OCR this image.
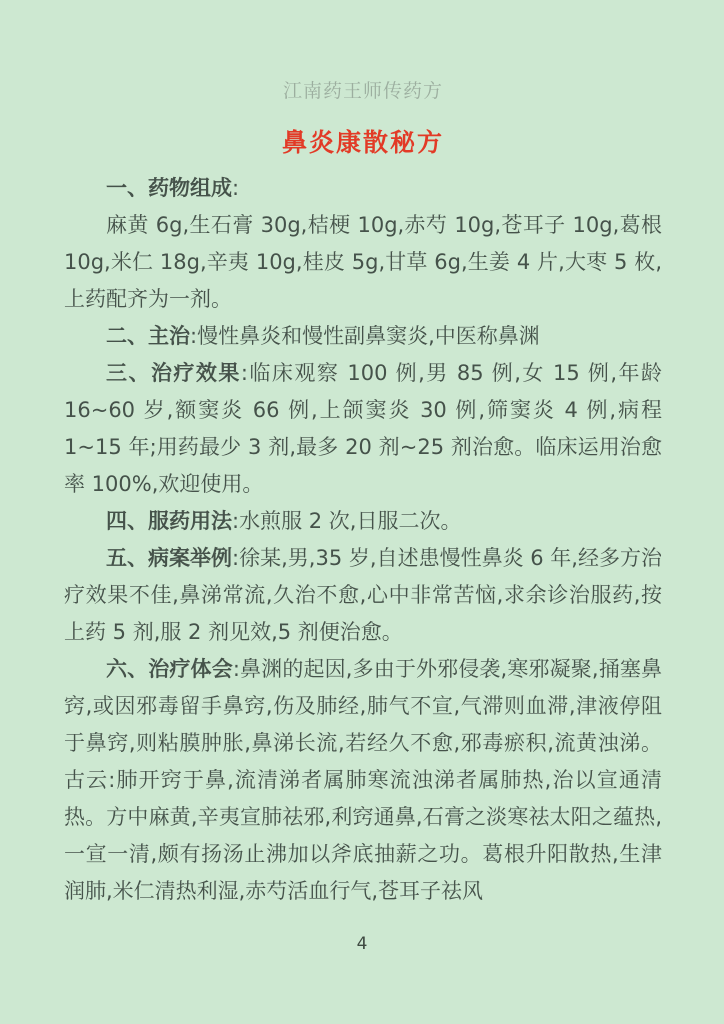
江南药王师传药方
鼻炎康散秘方

一、药物组成:

麻黄 6g,生石膏 30g,桔梗 10g,赤芍 10g,苍耳子 10g,葛根 10g,米仁 18g,辛夷 10g,桂皮 5g,甘草 6g,生姜 4 片,大枣 5 枚,上药配齐为一剂。

二、主治:慢性鼻炎和慢性副鼻窦炎,中医称鼻渊

三、治疗效果:临床观察 100 例,男 85 例,女 15 例,年龄 16~60 岁,额窦炎 66 例,上颌窦炎 30 例,筛窦炎 4 例,病程 1~15 年;用药最少 3 剂,最多 20 剂~25 剂治愈。临床运用治愈率 100%,欢迎使用。

四、服药用法:水煎服 2 次,日服二次。

五、病案举例:徐某,男,35 岁,自述患慢性鼻炎 6 年,经多方治疗效果不佳,鼻涕常流,久治不愈,心中非常苦恼,求余诊治服药,按上药 5 剂,服 2 剂见效,5 剂便治愈。

六、治疗体会:鼻渊的起因,多由于外邪侵袭,寒邪凝聚,捅塞鼻窍,或因邪毒留手鼻窍,伤及肺经,肺气不宣,气滞则血滞,津液停阻于鼻窍,则粘膜肿胀,鼻涕长流,若经久不愈,邪毒瘀积,流黄浊涕。古云:肺开窍于鼻,流清涕者属肺寒流浊涕者属肺热,治以宣通清热。方中麻黄,辛夷宣肺祛邪,利窍通鼻,石膏之淡寒祛太阳之蕴热,一宣一清,颇有扬汤止沸加以斧底抽薪之功。葛根升阳散热,生津润肺,米仁清热利湿,赤芍活血行气,苍耳子祛风

4
